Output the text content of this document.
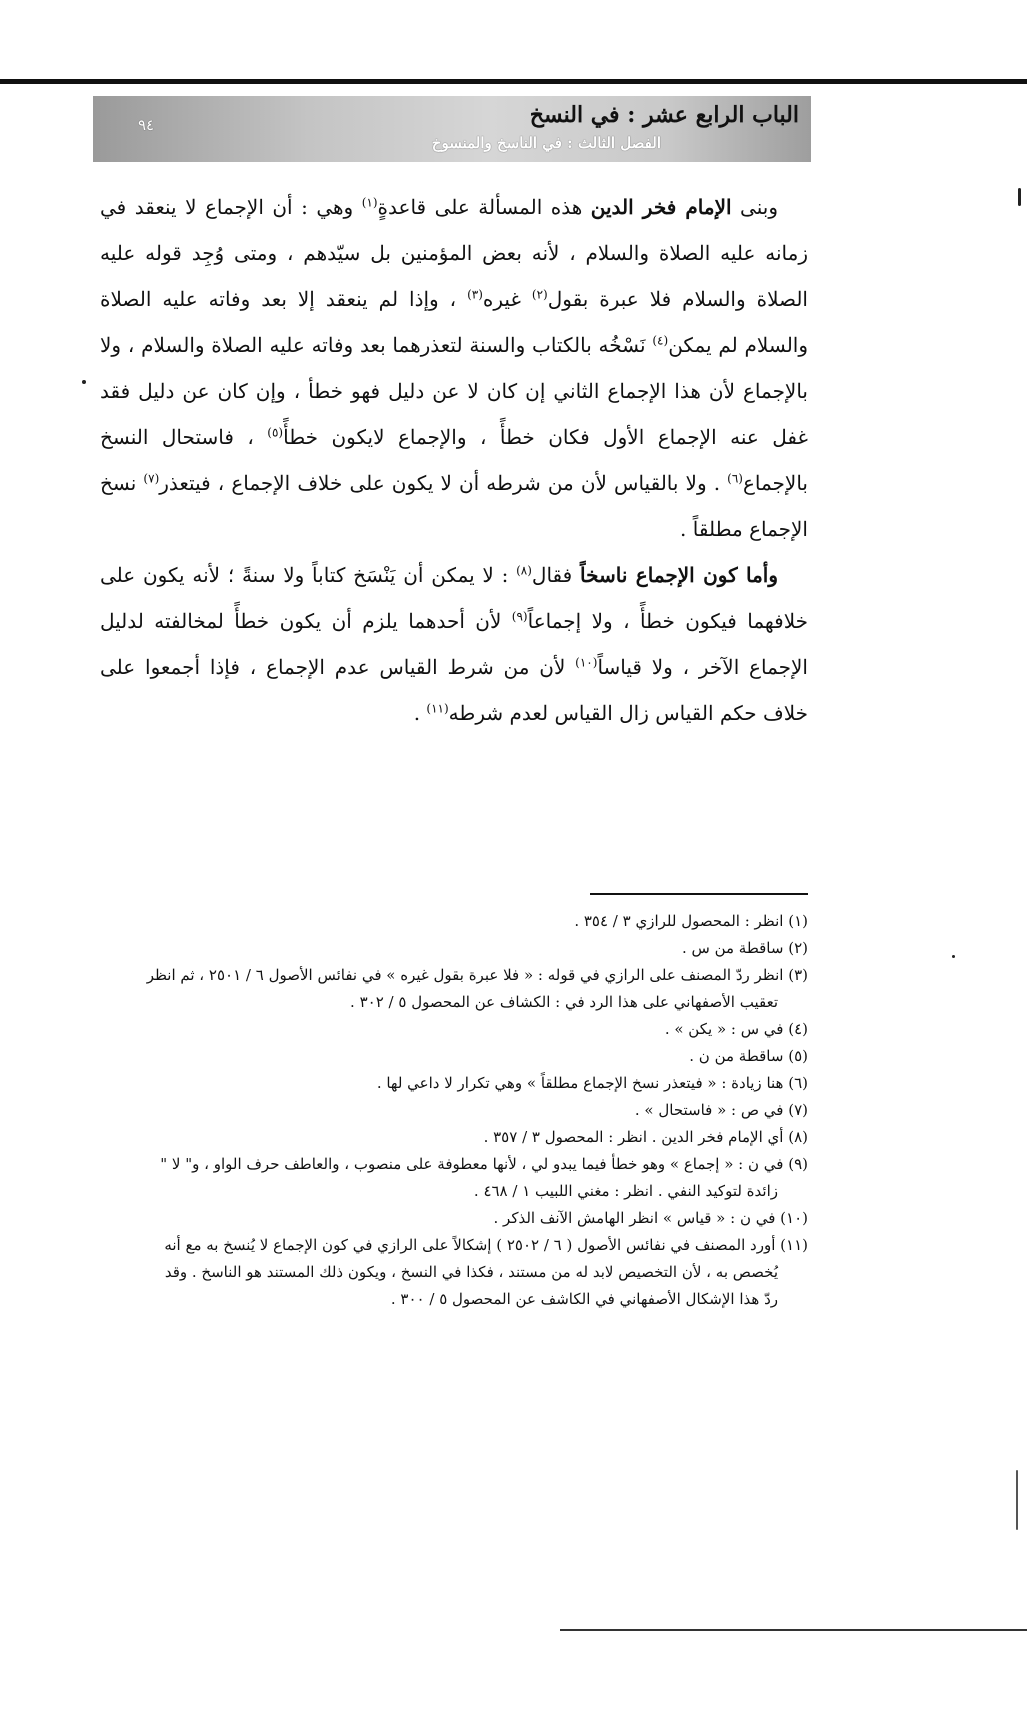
الباب الرابع عشر : في النسخ
الفصل الثالث : في الناسخ والمنسوخ
٩٤

وبنى الإمام فخر الدين هذه المسألة على قاعدةٍ$^{(١)}$ وهي : أن الإجماع لا ينعقد في زمانه عليه الصلاة والسلام ، لأنه بعض المؤمنين بل سيّدهم ، ومتى وُجِد قوله عليه الصلاة والسلام فلا عبرة بقول$^{(٢)}$ غيره$^{(٣)}$ ، وإذا لم ينعقد إلا بعد وفاته عليه الصلاة والسلام لم يمكن$^{(٤)}$ نَسْخُه بالكتاب والسنة لتعذرهما بعد وفاته عليه الصلاة والسلام ، ولا بالإجماع لأن هذا الإجماع الثاني إن كان لا عن دليل فهو خطأ ، وإن كان عن دليل فقد غفل عنه الإجماع الأول فكان خطأً ، والإجماع لايكون خطأً$^{(٥)}$ ، فاستحال النسخ بالإجماع$^{(٦)}$ . ولا بالقياس لأن من شرطه أن لا يكون على خلاف الإجماع ، فيتعذر$^{(٧)}$ نسخ الإجماع مطلقاً .

وأما كون الإجماع ناسخاً فقال$^{(٨)}$ : لا يمكن أن يَنْسَخ كتاباً ولا سنةً ؛ لأنه يكون على خلافهما فيكون خطأً ، ولا إجماعاً$^{(٩)}$ لأن أحدهما يلزم أن يكون خطأً لمخالفته لدليل الإجماع الآخر ، ولا قياساً$^{(١٠)}$ لأن من شرط القياس عدم الإجماع ، فإذا أجمعوا على خلاف حكم القياس زال القياس لعدم شرطه$^{(١١)}$ .

(١) انظر : المحصول للرازي ٣ / ٣٥٤ .
(٢) ساقطة من س .
(٣) انظر ردّ المصنف على الرازي في قوله : « فلا عبرة بقول غيره » في نفائس الأصول ٦ / ٢٥٠١ ، ثم انظر

تعقيب الأصفهاني على هذا الرد في : الكشاف عن المحصول ٥ / ٣٠٢ .
(٤) في س : « يكن » .
(٥) ساقطة من ن .
(٦) هنا زيادة : « فيتعذر نسخ الإجماع مطلقاً » وهي تكرار لا داعي لها .
(٧) في ص : « فاستحال » .
(٨) أي الإمام فخر الدين . انظر : المحصول ٣ / ٣٥٧ .
(٩) في ن : « إجماع » وهو خطأ فيما يبدو لي ، لأنها معطوفة على منصوب ، والعاطف حرف الواو ، و" لا "

زائدة لتوكيد النفي . انظر : مغني اللبيب ١ / ٤٦٨ .
(١٠) في ن : « قياس » انظر الهامش الآنف الذكر .
(١١) أورد المصنف في نفائس الأصول ( ٦ / ٢٥٠٢ ) إشكالاً على الرازي في كون الإجماع لا يُنسخ به مع أنه

يُخصص به ، لأن التخصيص لابد له من مستند ، فكذا في النسخ ، ويكون ذلك المستند هو الناسخ . وقد
ردّ هذا الإشكال الأصفهاني في الكاشف عن المحصول ٥ / ٣٠٠ .
